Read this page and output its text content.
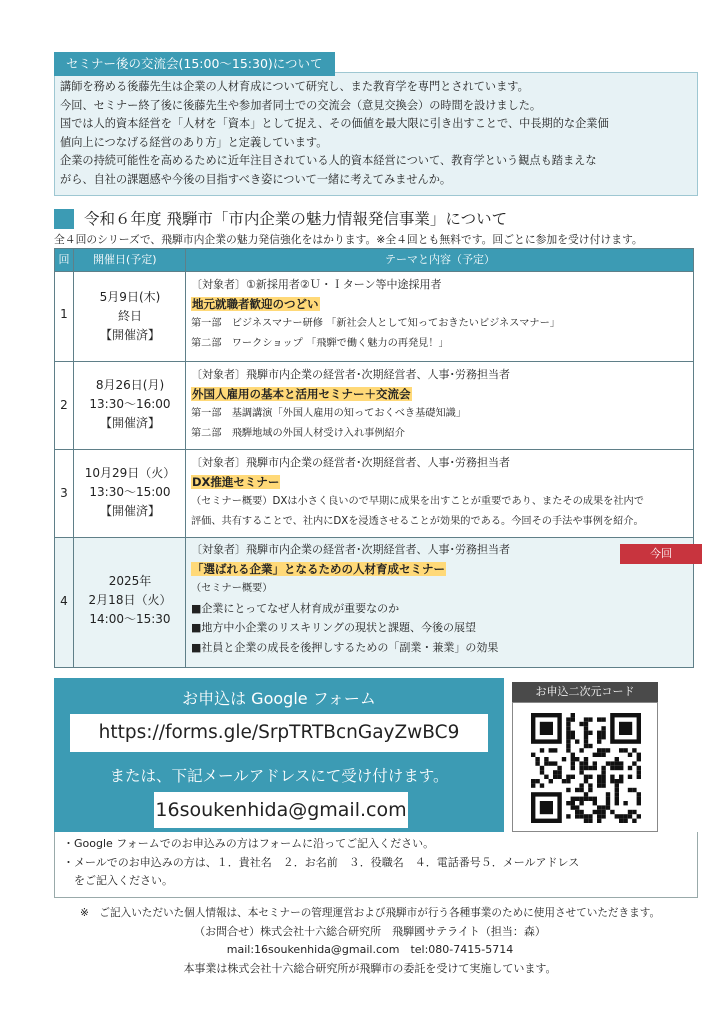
セミナー後の交流会(15:00～15:30)について

講師を務める後藤先生は企業の人材育成について研究し、また教育学を専門とされています。

今回、セミナー終了後に後藤先生や参加者同士での交流会（意見交換会）の時間を設けました。

国では人的資本経営を「人材を「資本」として捉え、その価値を最大限に引き出すことで、中長期的な企業価

値向上につなげる経営のあり方」と定義しています。

企業の持続可能性を高めるために近年注目されている人的資本経営について、教育学という観点も踏まえな

がら、自社の課題感や今後の目指すべき姿について一緒に考えてみませんか。

令和６年度 飛騨市「市内企業の魅力情報発信事業」について
全４回のシリーズで、飛騨市内企業の魅力発信強化をはかります。※全４回とも無料です。回ごとに参加を受け付けます。
回	開催日(予定)	テーマと内容（予定）
1
5月9日(木)
終日
【開催済】
〔対象者〕①新採用者②Ｕ・Ｉターン等中途採用者
地元就職者歓迎のつどい
第一部　ビジネスマナー研修 「新社会人として知っておきたいビジネスマナー」
第二部　ワークショップ 「飛騨で働く魅力の再発見！」
2
8月26日(月)
13:30～16:00
【開催済】
〔対象者〕飛騨市内企業の経営者･次期経営者、人事･労務担当者
外国人雇用の基本と活用セミナー＋交流会
第一部　基調講演「外国人雇用の知っておくべき基礎知識」
第二部　飛騨地域の外国人材受け入れ事例紹介
3
10月29日（火）
13:30～15:00
【開催済】
〔対象者〕飛騨市内企業の経営者･次期経営者、人事･労務担当者
DX推進セミナー
（セミナー概要）DXは小さく良いので早期に成果を出すことが重要であり、またその成果を社内で
評価、共有することで、社内にDXを浸透させることが効果的である。今回その手法や事例を紹介。
4
2025年
2月18日（火）
14:00～15:30
〔対象者〕飛騨市内企業の経営者･次期経営者、人事･労務担当者
「選ばれる企業」となるための人材育成セミナー
（セミナー概要）
■企業にとってなぜ人材育成が重要なのか
■地方中小企業のリスキリングの現状と課題、今後の展望
■社員と企業の成長を後押しするための「副業・兼業」の効果
今回
お申込は Google フォーム
https://forms.gle/SrpTRTBcnGayZwBC9
または、下記メールアドレスにて受け付けます。
16soukenhida@gmail.com
お申込二次元コード

・Google フォームでのお申込みの方はフォームに沿ってご記入ください。

・メールでのお申込みの方は、１．貴社名　２．お名前　３．役職名　４．電話番号５．メールアドレス

　をご記入ください。

※　ご記入いただいた個人情報は、本セミナーの管理運営および飛騨市が行う各種事業のために使用させていただきます。

（お問合せ）株式会社十六総合研究所　飛騨國サテライト（担当：森）

mail:16soukenhida@gmail.com　tel:080-7415-5714

本事業は株式会社十六総合研究所が飛騨市の委託を受けて実施しています。
